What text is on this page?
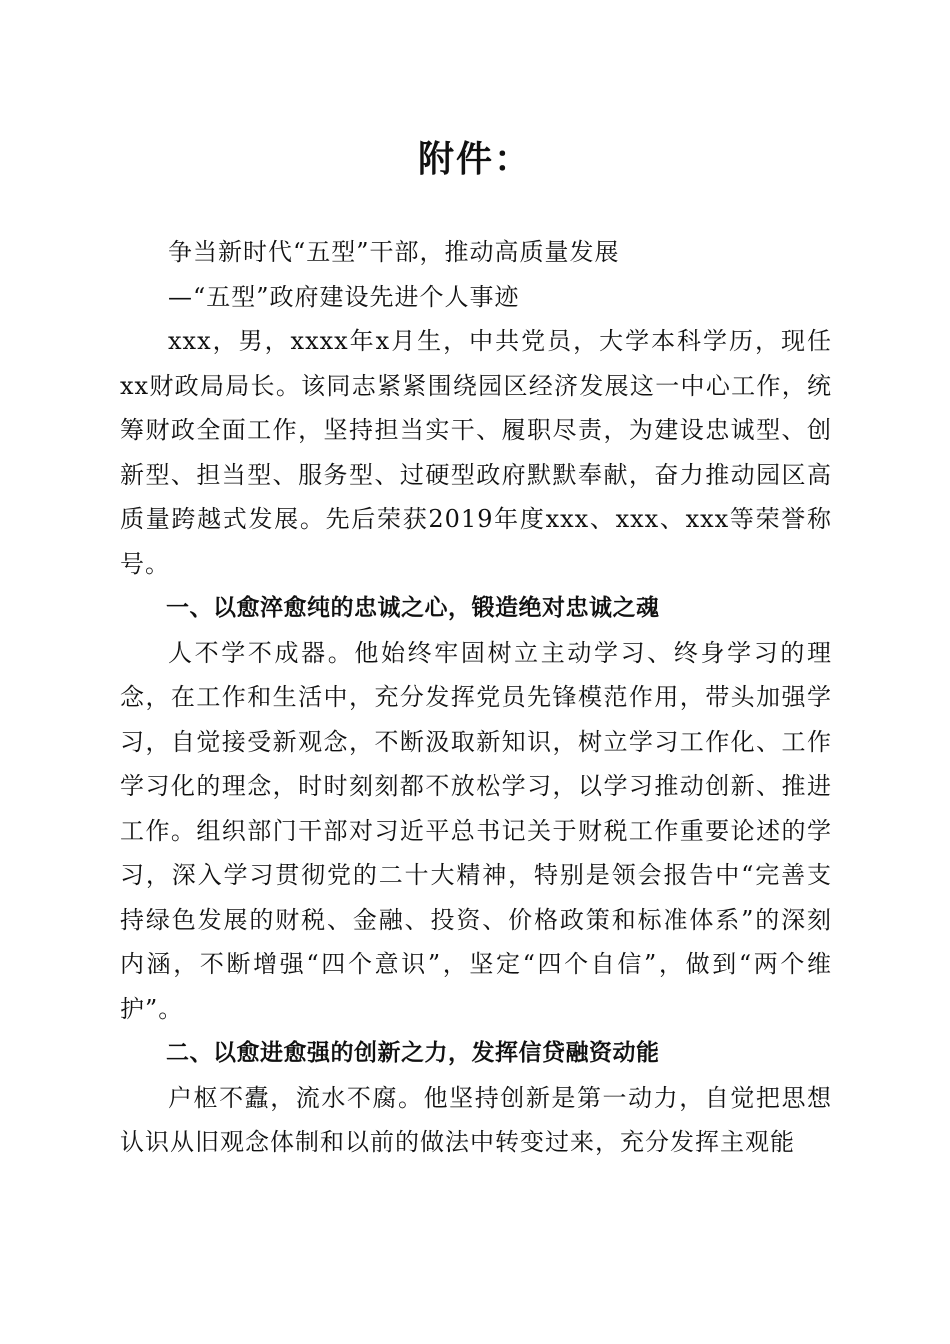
附件：

争当新时代“五型”干部，推动高质量发展

—“五型”政府建设先进个人事迹

xxx，男，xxxx年x月生，中共党员，大学本科学历，现任xx财政局局长。该同志紧紧围绕园区经济发展这一中心工作，统筹财政全面工作，坚持担当实干、履职尽责，为建设忠诚型、创新型、担当型、服务型、过硬型政府默默奉献，奋力推动园区高质量跨越式发展。先后荣获2019年度xxx、xxx、xxx等荣誉称号。

一、以愈淬愈纯的忠诚之心，锻造绝对忠诚之魂

人不学不成器。他始终牢固树立主动学习、终身学习的理念，在工作和生活中，充分发挥党员先锋模范作用，带头加强学习，自觉接受新观念，不断汲取新知识，树立学习工作化、工作学习化的理念，时时刻刻都不放松学习，以学习推动创新、推进工作。组织部门干部对习近平总书记关于财税工作重要论述的学习，深入学习贯彻党的二十大精神，特别是领会报告中“完善支持绿色发展的财税、金融、投资、价格政策和标准体系”的深刻内涵，不断增强“四个意识”，坚定“四个自信”，做到“两个维护”。

二、以愈进愈强的创新之力，发挥信贷融资动能

户枢不蠹，流水不腐。他坚持创新是第一动力，自觉把思想认识从旧观念体制和以前的做法中转变过来，充分发挥主观能
